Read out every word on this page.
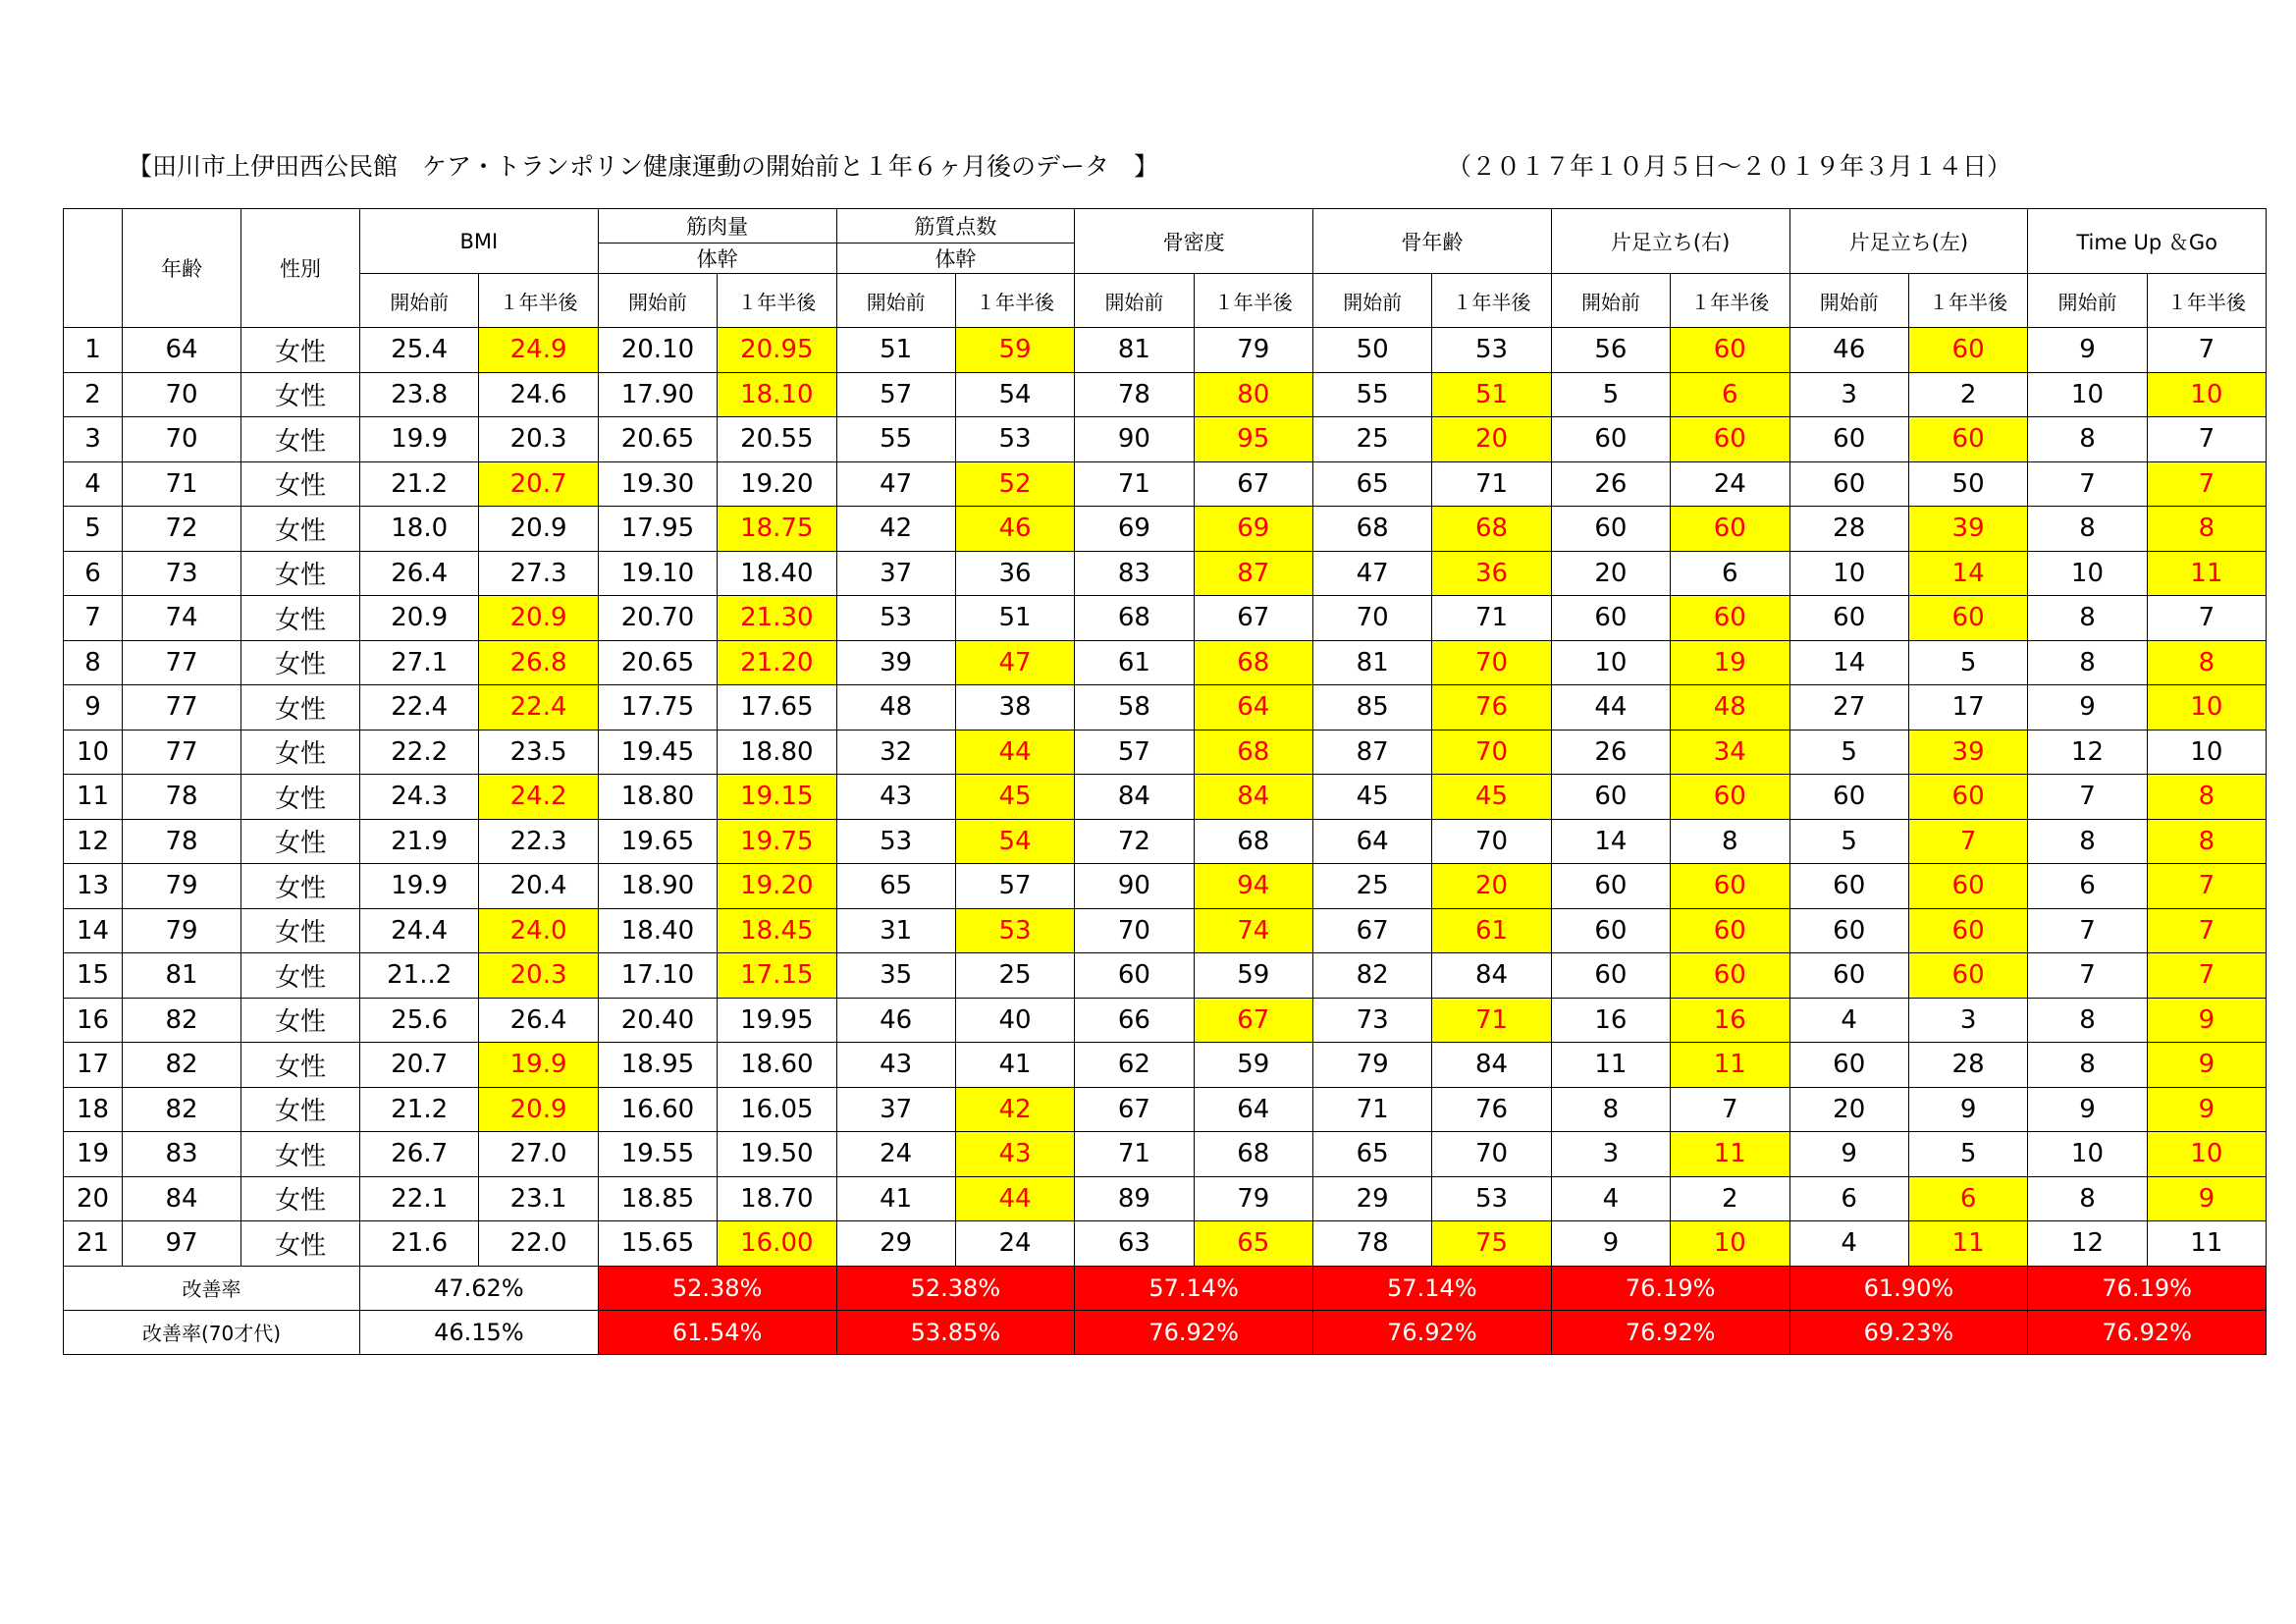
【田川市上伊田西公民館　ケア・トランポリン健康運動の開始前と１年６ヶ月後のデータ　】	（２０１７年１０月５日～２０１９年３月１４日）
	年齢	性別	BMI		筋肉量		筋質点数		骨密度		骨年齢		片足立ち(右)		片足立ち(左)		Time Up ＆Go	
					体幹		体幹											
			開始前	１年半後	開始前	１年半後	開始前	１年半後	開始前	１年半後	開始前	１年半後	開始前	１年半後	開始前	１年半後	開始前	１年半後
1	64	女性	25.4	24.9	20.10	20.95	51	59	81	79	50	53	56	60	46	60	9	7
2	70	女性	23.8	24.6	17.90	18.10	57	54	78	80	55	51	5	6	3	2	10	10
3	70	女性	19.9	20.3	20.65	20.55	55	53	90	95	25	20	60	60	60	60	8	7
4	71	女性	21.2	20.7	19.30	19.20	47	52	71	67	65	71	26	24	60	50	7	7
5	72	女性	18.0	20.9	17.95	18.75	42	46	69	69	68	68	60	60	28	39	8	8
6	73	女性	26.4	27.3	19.10	18.40	37	36	83	87	47	36	20	6	10	14	10	11
7	74	女性	20.9	20.9	20.70	21.30	53	51	68	67	70	71	60	60	60	60	8	7
8	77	女性	27.1	26.8	20.65	21.20	39	47	61	68	81	70	10	19	14	5	8	8
9	77	女性	22.4	22.4	17.75	17.65	48	38	58	64	85	76	44	48	27	17	9	10
10	77	女性	22.2	23.5	19.45	18.80	32	44	57	68	87	70	26	34	5	39	12	10
11	78	女性	24.3	24.2	18.80	19.15	43	45	84	84	45	45	60	60	60	60	7	8
12	78	女性	21.9	22.3	19.65	19.75	53	54	72	68	64	70	14	8	5	7	8	8
13	79	女性	19.9	20.4	18.90	19.20	65	57	90	94	25	20	60	60	60	60	6	7
14	79	女性	24.4	24.0	18.40	18.45	31	53	70	74	67	61	60	60	60	60	7	7
15	81	女性	21..2	20.3	17.10	17.15	35	25	60	59	82	84	60	60	60	60	7	7
16	82	女性	25.6	26.4	20.40	19.95	46	40	66	67	73	71	16	16	4	3	8	9
17	82	女性	20.7	19.9	18.95	18.60	43	41	62	59	79	84	11	11	60	28	8	9
18	82	女性	21.2	20.9	16.60	16.05	37	42	67	64	71	76	8	7	20	9	9	9
19	83	女性	26.7	27.0	19.55	19.50	24	43	71	68	65	70	3	11	9	5	10	10
20	84	女性	22.1	23.1	18.85	18.70	41	44	89	79	29	53	4	2	6	6	8	9
21	97	女性	21.6	22.0	15.65	16.00	29	24	63	65	78	75	9	10	4	11	12	11
改善率			47.62%		52.38%		52.38%		57.14%		57.14%		76.19%		61.90%		76.19%	
改善率(70才代)			46.15%		61.54%		53.85%		76.92%		76.92%		76.92%		69.23%		76.92%	
